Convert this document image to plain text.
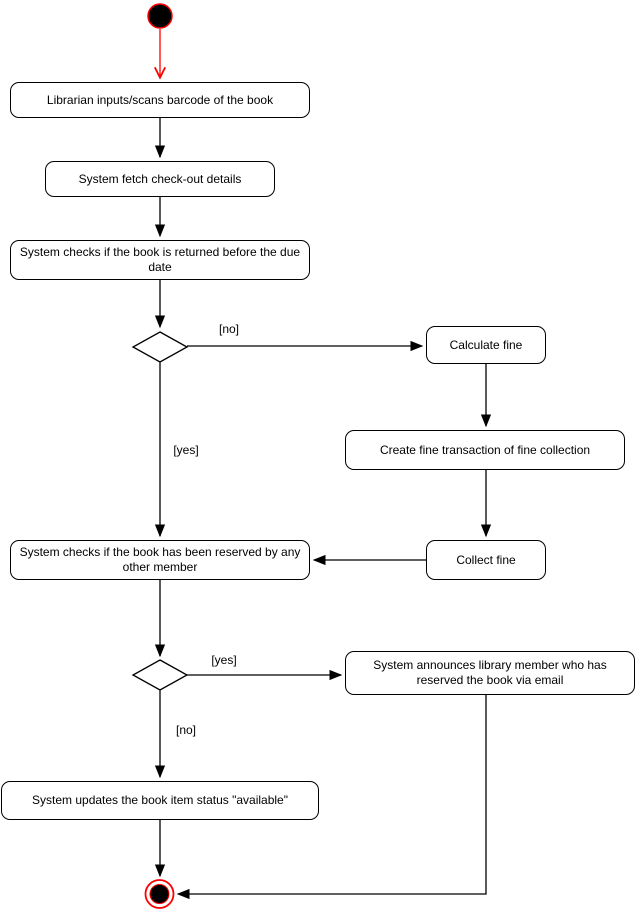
Librarian inputs/scans barcode of the book
System fetch check-out details
System checks if the book is returned before the due date
Calculate fine
Create fine transaction of fine collection
Collect fine
System checks if the book has been reserved by any other member
System announces library member who has reserved the book via email
System updates the book item status "available"
[no]
[yes]
[yes]
[no]
